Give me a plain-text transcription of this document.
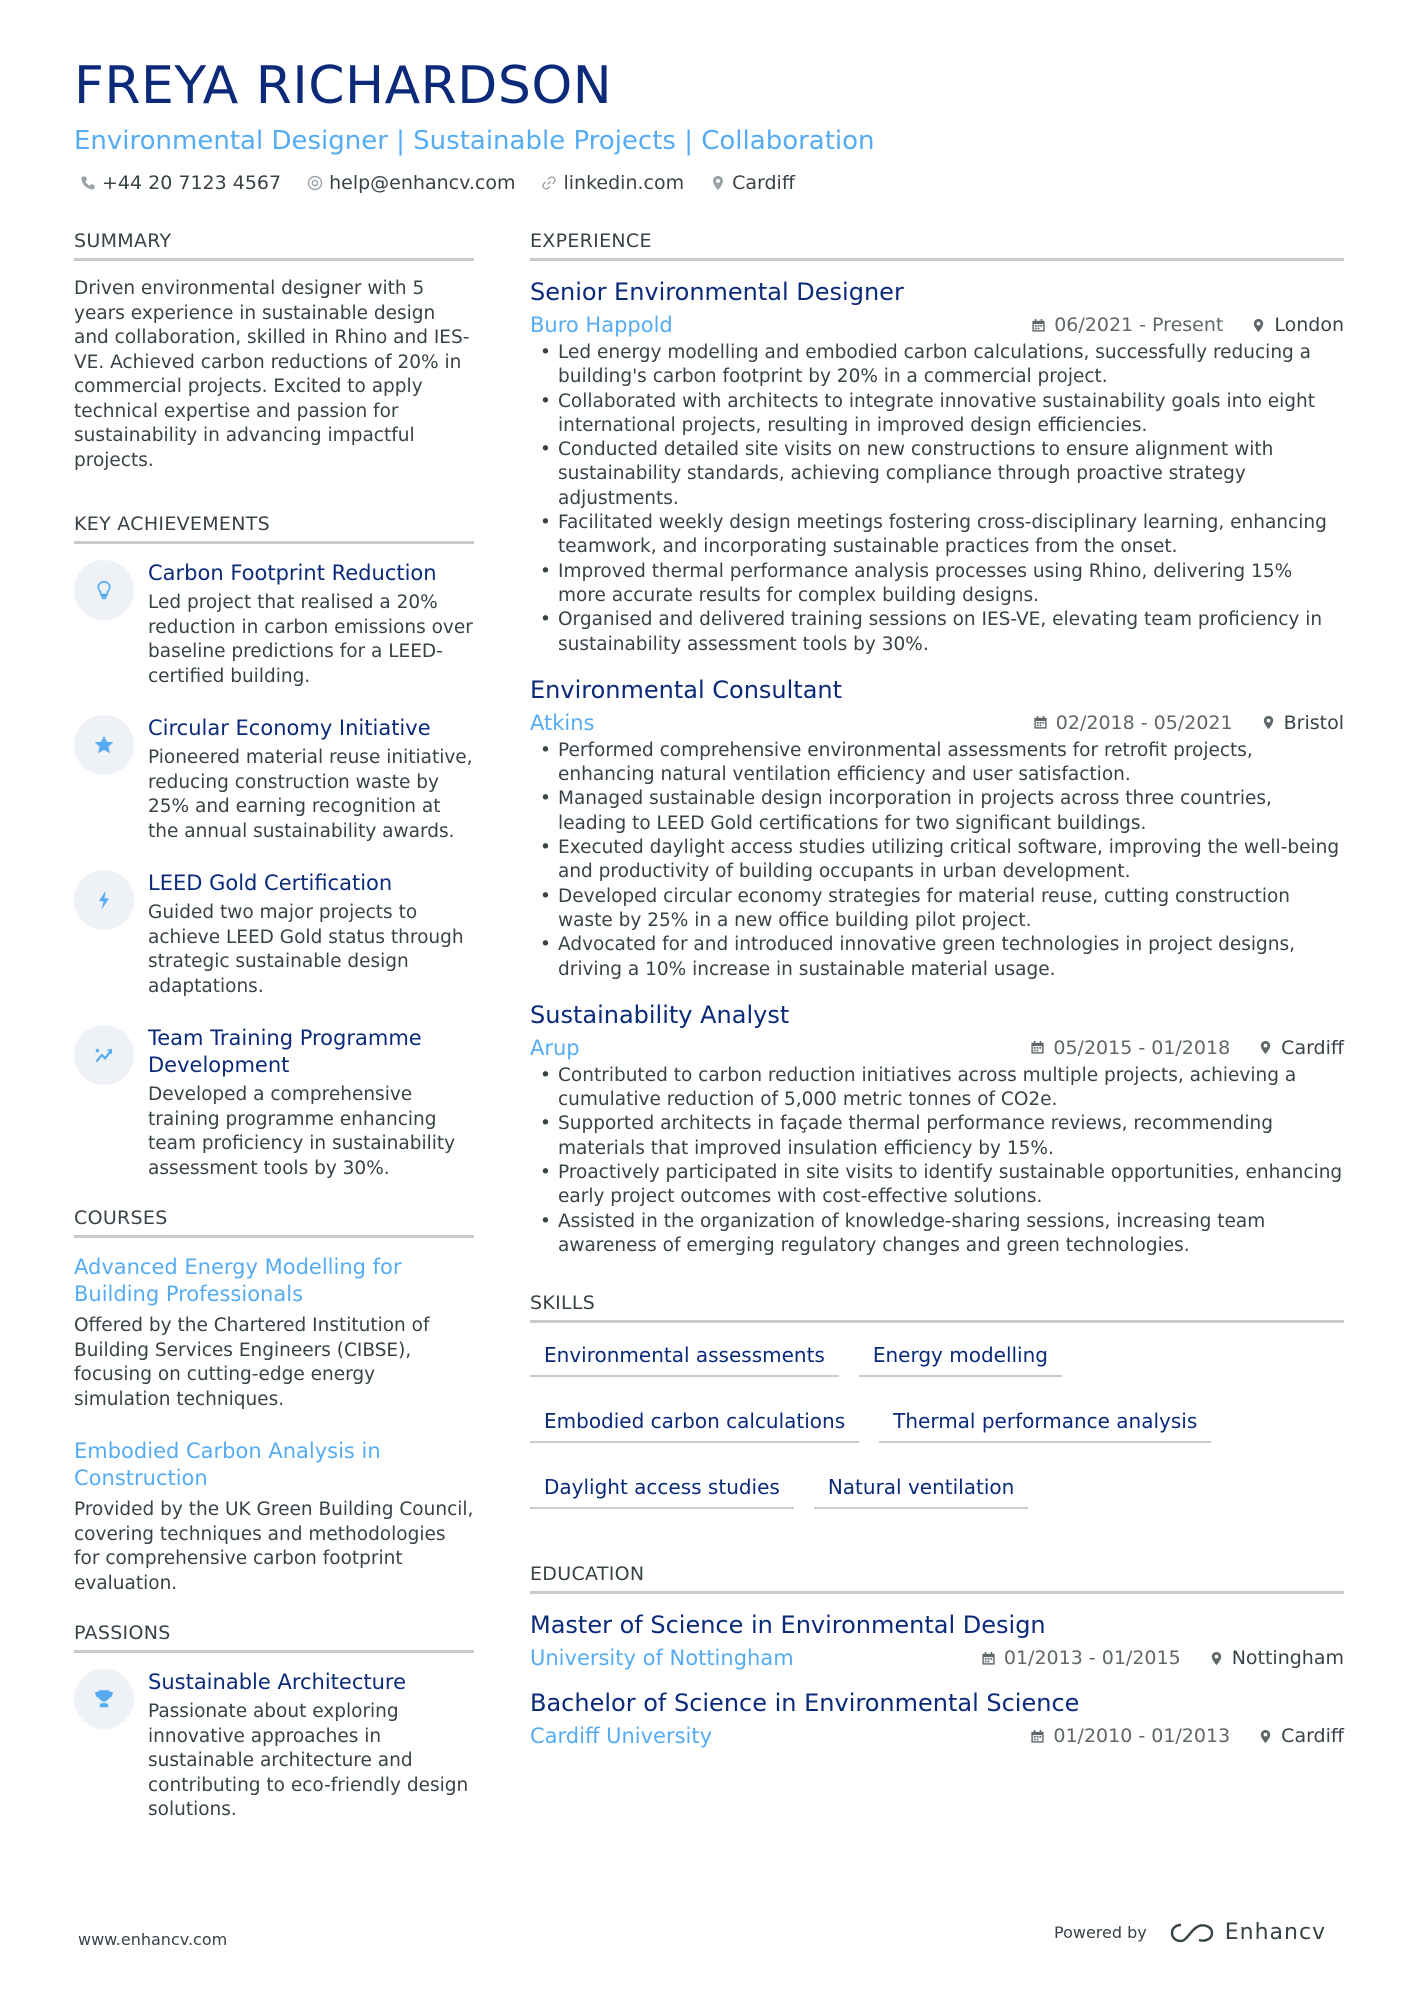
FREYA RICHARDSON
Environmental Designer | Sustainable Projects | Collaboration
+44 20 7123 4567	help@enhancv.com	linkedin.com	Cardiff
SUMMARY
Driven environmental designer with 5 years experience in sustainable design and collaboration, skilled in Rhino and IES-VE. Achieved carbon reductions of 20% in commercial projects. Excited to apply technical expertise and passion for sustainability in advancing impactful projects.
KEY ACHIEVEMENTS
Carbon Footprint Reduction
Led project that realised a 20% reduction in carbon emissions over baseline predictions for a LEED-certified building.
Circular Economy Initiative
Pioneered material reuse initiative, reducing construction waste by 25% and earning recognition at the annual sustainability awards.
LEED Gold Certification
Guided two major projects to achieve LEED Gold status through strategic sustainable design adaptations.
Team Training Programme Development
Developed a comprehensive training programme enhancing team proficiency in sustainability assessment tools by 30%.
COURSES
Advanced Energy Modelling for Building Professionals
Offered by the Chartered Institution of Building Services Engineers (CIBSE), focusing on cutting-edge energy simulation techniques.
Embodied Carbon Analysis in Construction
Provided by the UK Green Building Council, covering techniques and methodologies for comprehensive carbon footprint evaluation.
PASSIONS
Sustainable Architecture
Passionate about exploring innovative approaches in sustainable architecture and contributing to eco-friendly design solutions.
EXPERIENCE
Senior Environmental Designer
Buro Happold	06/2021 - Present	London
• Led energy modelling and embodied carbon calculations, successfully reducing a building's carbon footprint by 20% in a commercial project.
• Collaborated with architects to integrate innovative sustainability goals into eight international projects, resulting in improved design efficiencies.
• Conducted detailed site visits on new constructions to ensure alignment with sustainability standards, achieving compliance through proactive strategy adjustments.
• Facilitated weekly design meetings fostering cross-disciplinary learning, enhancing teamwork, and incorporating sustainable practices from the onset.
• Improved thermal performance analysis processes using Rhino, delivering 15% more accurate results for complex building designs.
• Organised and delivered training sessions on IES-VE, elevating team proficiency in sustainability assessment tools by 30%.
Environmental Consultant
Atkins	02/2018 - 05/2021	Bristol
• Performed comprehensive environmental assessments for retrofit projects, enhancing natural ventilation efficiency and user satisfaction.
• Managed sustainable design incorporation in projects across three countries, leading to LEED Gold certifications for two significant buildings.
• Executed daylight access studies utilizing critical software, improving the well-being and productivity of building occupants in urban development.
• Developed circular economy strategies for material reuse, cutting construction waste by 25% in a new office building pilot project.
• Advocated for and introduced innovative green technologies in project designs, driving a 10% increase in sustainable material usage.
Sustainability Analyst
Arup	05/2015 - 01/2018	Cardiff
• Contributed to carbon reduction initiatives across multiple projects, achieving a cumulative reduction of 5,000 metric tonnes of CO2e.
• Supported architects in façade thermal performance reviews, recommending materials that improved insulation efficiency by 15%.
• Proactively participated in site visits to identify sustainable opportunities, enhancing early project outcomes with cost-effective solutions.
• Assisted in the organization of knowledge-sharing sessions, increasing team awareness of emerging regulatory changes and green technologies.
SKILLS
Environmental assessments	Energy modelling
Embodied carbon calculations	Thermal performance analysis
Daylight access studies	Natural ventilation
EDUCATION
Master of Science in Environmental Design
University of Nottingham	01/2013 - 01/2015	Nottingham
Bachelor of Science in Environmental Science
Cardiff University	01/2010 - 01/2013	Cardiff
www.enhancv.com	Powered by	Enhancv
